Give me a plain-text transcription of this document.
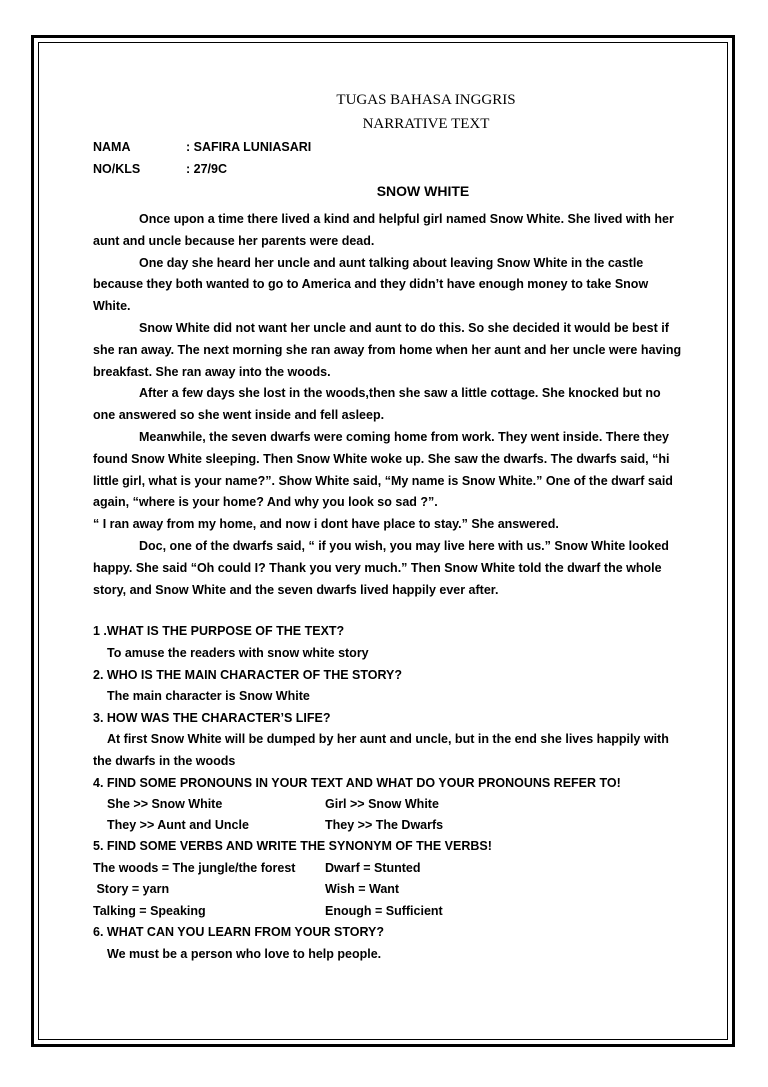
TUGAS BAHASA INGGRIS
NARRATIVE TEXT
NAMA	: SAFIRA LUNIASARI
NO/KLS	: 27/9C
SNOW WHITE

Once upon a time there lived a kind and helpful girl named Snow White. She lived with her aunt and uncle because her parents were dead.

One day she heard her uncle and aunt talking about leaving Snow White in the castle because they both wanted to go to America and they didn’t have enough money to take Snow White.

Snow White did not want her uncle and aunt to do this. So she decided it would be best if she ran away. The next morning she ran away from home when her aunt and her uncle were having breakfast. She ran away into the woods.

After a few days she lost in the woods,then she saw a little cottage. She knocked but no one answered so she went inside and fell asleep.

Meanwhile, the seven dwarfs were coming home from work. They went inside. There they found Snow White sleeping. Then Snow White woke up. She saw the dwarfs. The dwarfs said, “hi little girl, what is your name?”. Show White said, “My name is Snow White.” One of the dwarf said again, “where is your home? And why you look so sad ?”.

“ I ran away from my home, and now i dont have place to stay.” She answered.

Doc, one of the dwarfs said, “ if you wish, you may live here with us.” Snow White looked happy. She said “Oh could I? Thank you very much.” Then Snow White told the dwarf the whole story, and Snow White and the seven dwarfs lived happily ever after.

1 .WHAT IS THE PURPOSE OF THE TEXT?
To amuse the readers with snow white story
2. WHO IS THE MAIN CHARACTER OF THE STORY?
The main character is Snow White
3. HOW WAS THE CHARACTER’S LIFE?
At first Snow White will be dumped by her aunt and uncle, but in the end she lives happily with the dwarfs in the woods
4. FIND SOME PRONOUNS IN YOUR TEXT AND WHAT DO YOUR PRONOUNS REFER TO!
She >> Snow White	Girl >> Snow White
They >> Aunt and Uncle	They >> The Dwarfs
5. FIND SOME VERBS AND WRITE THE SYNONYM OF THE VERBS!
The woods = The jungle/the forest	Dwarf = Stunted
Story = yarn	Wish = Want
Talking = Speaking	Enough = Sufficient
6. WHAT CAN YOU LEARN FROM YOUR STORY?
We must be a person who love to help people.
